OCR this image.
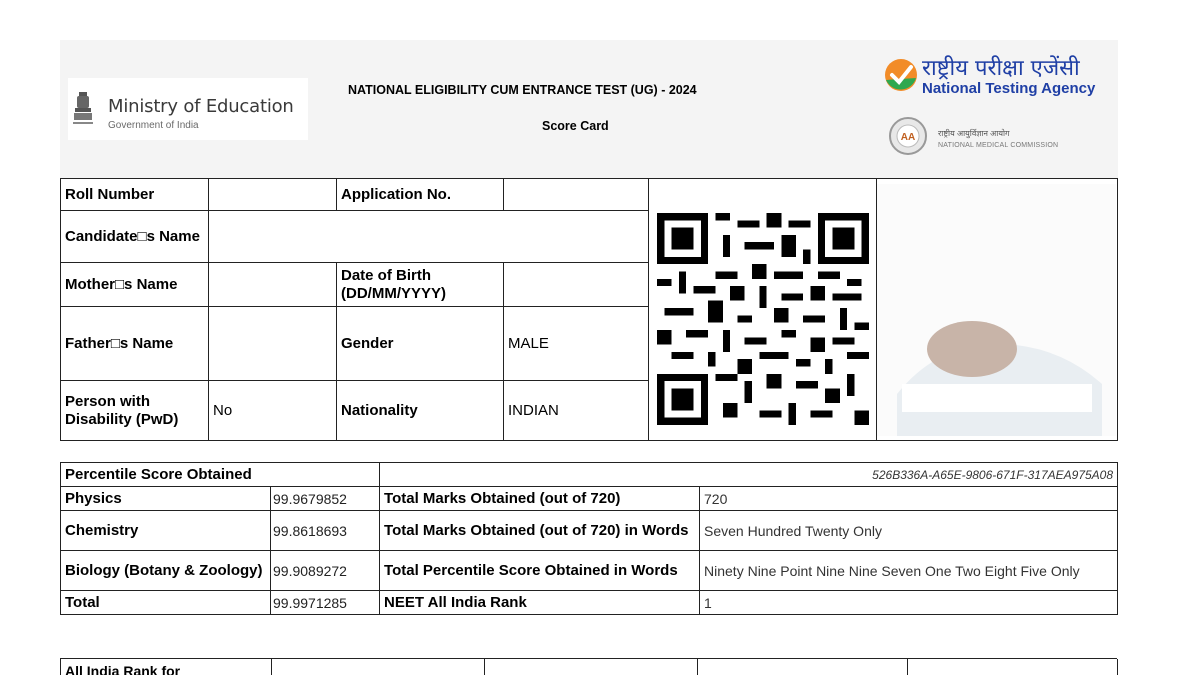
Ministry of Education
Government of India
NATIONAL ELIGIBILITY CUM ENTRANCE TEST (UG) - 2024
Score Card
राष्ट्रीय परीक्षा एजेंसी
National Testing Agency
AA	राष्ट्रीय आयुर्विज्ञान आयोग
NATIONAL MEDICAL COMMISSION
Roll Number		Application No.		

Candidate□s Name					
Mother□s Name		Date of Birth (DD/MM/YYYY)			
Father□s Name		Gender	MALE		
Person with Disability (PwD)	No	Nationality	INDIAN		
Percentile Score Obtained		526B336A-A65E-9806-671F-317AEA975A08	
Physics	99.9679852	Total Marks Obtained (out of 720)	720
Chemistry	99.8618693	Total Marks Obtained (out of 720) in Words	Seven Hundred Twenty Only
Biology (Botany & Zoology)	99.9089272	Total Percentile Score Obtained in Words	Ninety Nine Point Nine Nine Seven One Two Eight Five Only
Total	99.9971285	NEET All India Rank	1
All India Rank for
